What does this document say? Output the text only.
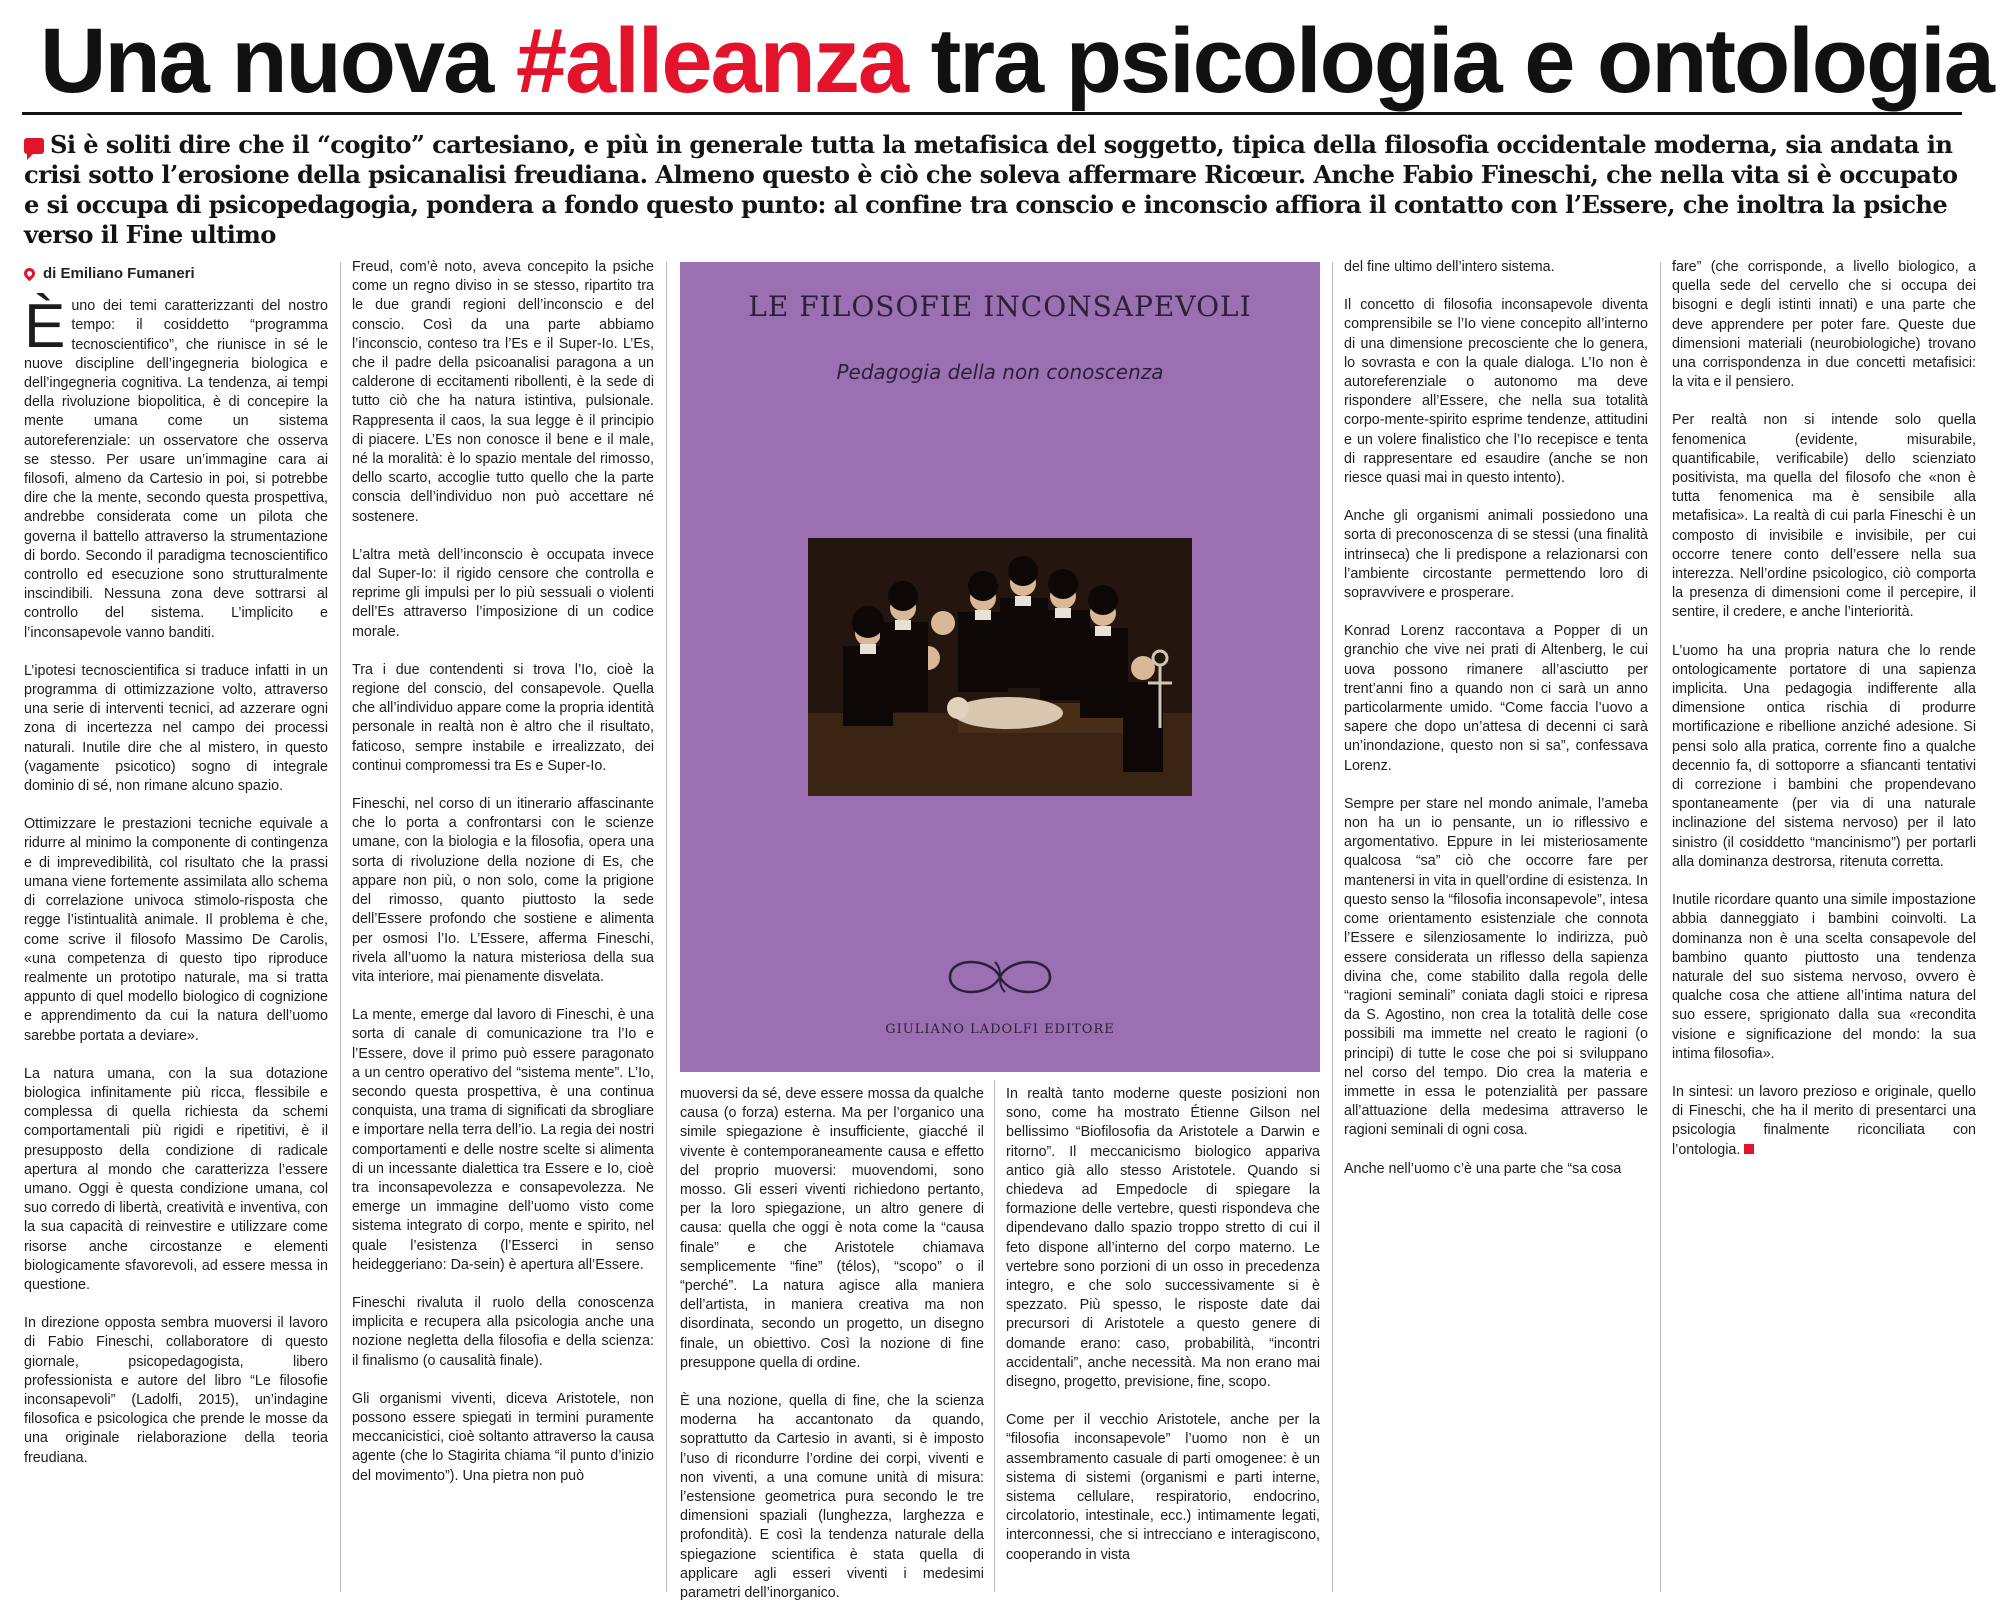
Una nuova #alleanza tra psicologia e ontologia
Si è soliti dire che il “cogito” cartesiano, e più in generale tutta la metafisica del soggetto, tipica della filosofia occidentale moderna, sia andata in crisi sotto l’erosione della psicanalisi freudiana. Almeno questo è ciò che soleva affermare Ricœur. Anche Fabio Fineschi, che nella vita si è occupato e si occupa di psicopedagogia, pondera a fondo questo punto: al confine tra conscio e inconscio affiora il contatto con l’Essere, che inoltra la psiche verso il Fine ultimo
di Emiliano Fumaneri

Èuno dei temi caratterizzanti del nostro tempo: il cosiddetto “programma tecnoscientifico”, che riunisce in sé le nuove discipline dell’ingegneria biologica e dell’ingegneria cognitiva. La tendenza, ai tempi della rivoluzione biopolitica, è di concepire la mente umana come un sistema autoreferenziale: un osservatore che osserva se stesso. Per usare un’immagine cara ai filosofi, almeno da Cartesio in poi, si potrebbe dire che la mente, secondo questa prospettiva, andrebbe considerata come un pilota che governa il battello attraverso la strumentazione di bordo. Secondo il paradigma tecnoscientifico controllo ed esecuzione sono strutturalmente inscindibili. Nessuna zona deve sottrarsi al controllo del sistema. L’implicito e l’inconsapevole vanno banditi.

L’ipotesi tecnoscientifica si traduce infatti in un programma di ottimizzazione volto, attraverso una serie di interventi tecnici, ad azzerare ogni zona di incertezza nel campo dei processi naturali. Inutile dire che al mistero, in questo (vagamente psicotico) sogno di integrale dominio di sé, non rimane alcuno spazio.

Ottimizzare le prestazioni tecniche equivale a ridurre al minimo la componente di contingenza e di imprevedibilità, col risultato che la prassi umana viene fortemente assimilata allo schema di correlazione univoca stimolo-risposta che regge l’istintualità animale. Il problema è che, come scrive il filosofo Massimo De Carolis, «una competenza di questo tipo riproduce realmente un prototipo naturale, ma si tratta appunto di quel modello biologico di cognizione e apprendimento da cui la natura dell’uomo sarebbe portata a deviare».

La natura umana, con la sua dotazione biologica infinitamente più ricca, flessibile e complessa di quella richiesta da schemi comportamentali più rigidi e ripetitivi, è il presupposto della condizione di radicale apertura al mondo che caratterizza l’essere umano. Oggi è questa condizione umana, col suo corredo di libertà, creatività e inventiva, con la sua capacità di reinvestire e utilizzare come risorse anche circostanze e elementi biologicamente sfavorevoli, ad essere messa in questione.

In direzione opposta sembra muoversi il lavoro di Fabio Fineschi, collaboratore di questo giornale, psicopedagogista, libero professionista e autore del libro “Le filosofie inconsapevoli” (Ladolfi, 2015), un’indagine filosofica e psicologica che prende le mosse da una originale rielaborazione della teoria freudiana.

Freud, com’è noto, aveva concepito la psiche come un regno diviso in se stesso, ripartito tra le due grandi regioni dell’inconscio e del conscio. Così da una parte abbiamo l’inconscio, conteso tra l’Es e il Super-Io. L’Es, che il padre della psicoanalisi paragona a un calderone di eccitamenti ribollenti, è la sede di tutto ciò che ha natura istintiva, pulsionale. Rappresenta il caos, la sua legge è il principio di piacere. L’Es non conosce il bene e il male, né la moralità: è lo spazio mentale del rimosso, dello scarto, accoglie tutto quello che la parte conscia dell’individuo non può accettare né sostenere.

L’altra metà dell’inconscio è occupata invece dal Super-Io: il rigido censore che controlla e reprime gli impulsi per lo più sessuali o violenti dell’Es attraverso l’imposizione di un codice morale.

Tra i due contendenti si trova l’Io, cioè la regione del conscio, del consapevole. Quella che all’individuo appare come la propria identità personale in realtà non è altro che il risultato, faticoso, sempre instabile e irrealizzato, dei continui compromessi tra Es e Super-Io.

Fineschi, nel corso di un itinerario affascinante che lo porta a confrontarsi con le scienze umane, con la biologia e la filosofia, opera una sorta di rivoluzione della nozione di Es, che appare non più, o non solo, come la prigione del rimosso, quanto piuttosto la sede dell’Essere profondo che sostiene e alimenta per osmosi l’Io. L’Essere, afferma Fineschi, rivela all’uomo la natura misteriosa della sua vita interiore, mai pienamente disvelata.

La mente, emerge dal lavoro di Fineschi, è una sorta di canale di comunicazione tra l’Io e l’Essere, dove il primo può essere paragonato a un centro operativo del “sistema mente”. L’Io, secondo questa prospettiva, è una continua conquista, una trama di significati da sbrogliare e importare nella terra dell’io. La regia dei nostri comportamenti e delle nostre scelte si alimenta di un incessante dialettica tra Essere e Io, cioè tra inconsapevolezza e consapevolezza. Ne emerge un immagine dell’uomo visto come sistema integrato di corpo, mente e spirito, nel quale l’esistenza (l’Esserci in senso heideggeriano: Da-sein) è apertura all’Essere.

Fineschi rivaluta il ruolo della conoscenza implicita e recupera alla psicologia anche una nozione negletta della filosofia e della scienza: il finalismo (o causalità finale).

Gli organismi viventi, diceva Aristotele, non possono essere spiegati in termini puramente meccanicistici, cioè soltanto attraverso la causa agente (che lo Stagirita chiama “il punto d’inizio del movimento”). Una pietra non può

LE FILOSOFIE INCONSAPEVOLI
Pedagogia della non conoscenza
GIULIANO LADOLFI EDITORE

muoversi da sé, deve essere mossa da qualche causa (o forza) esterna. Ma per l’organico una simile spiegazione è insufficiente, giacché il vivente è contemporaneamente causa e effetto del proprio muoversi: muovendomi, sono mosso. Gli esseri viventi richiedono pertanto, per la loro spiegazione, un altro genere di causa: quella che oggi è nota come la “causa finale” e che Aristotele chiamava semplicemente “fine” (télos), “scopo” o il “perché”. La natura agisce alla maniera dell’artista, in maniera creativa ma non disordinata, secondo un progetto, un disegno finale, un obiettivo. Così la nozione di fine presuppone quella di ordine.

È una nozione, quella di fine, che la scienza moderna ha accantonato da quando, soprattutto da Cartesio in avanti, si è imposto l’uso di ricondurre l’ordine dei corpi, viventi e non viventi, a una comune unità di misura: l’estensione geometrica pura secondo le tre dimensioni spaziali (lunghezza, larghezza e profondità). E così la tendenza naturale della spiegazione scientifica è stata quella di applicare agli esseri viventi i medesimi parametri dell’inorganico.

In realtà tanto moderne queste posizioni non sono, come ha mostrato Étienne Gilson nel bellissimo “Biofilosofia da Aristotele a Darwin e ritorno”. Il meccanicismo biologico appariva antico già allo stesso Aristotele. Quando si chiedeva ad Empedocle di spiegare la formazione delle vertebre, questi rispondeva che dipendevano dallo spazio troppo stretto di cui il feto dispone all’interno del corpo materno. Le vertebre sono porzioni di un osso in precedenza integro, e che solo successivamente si è spezzato. Più spesso, le risposte date dai precursori di Aristotele a questo genere di domande erano: caso, probabilità, “incontri accidentali”, anche necessità. Ma non erano mai disegno, progetto, previsione, fine, scopo.

Come per il vecchio Aristotele, anche per la “filosofia inconsapevole” l’uomo non è un assembramento casuale di parti omogenee: è un sistema di sistemi (organismi e parti interne, sistema cellulare, respiratorio, endocrino, circolatorio, intestinale, ecc.) intimamente legati, interconnessi, che si intrecciano e interagiscono, cooperando in vista

del fine ultimo dell’intero sistema.

Il concetto di filosofia inconsapevole diventa comprensibile se l’Io viene concepito all’interno di una dimensione precosciente che lo genera, lo sovrasta e con la quale dialoga. L’Io non è autoreferenziale o autonomo ma deve rispondere all’Essere, che nella sua totalità corpo-mente-spirito esprime tendenze, attitudini e un volere finalistico che l’Io recepisce e tenta di rappresentare ed esaudire (anche se non riesce quasi mai in questo intento).

Anche gli organismi animali possiedono una sorta di preconoscenza di se stessi (una finalità intrinseca) che li predispone a relazionarsi con l’ambiente circostante permettendo loro di sopravvivere e prosperare.

Konrad Lorenz raccontava a Popper di un granchio che vive nei prati di Altenberg, le cui uova possono rimanere all’asciutto per trent’anni fino a quando non ci sarà un anno particolarmente umido. “Come faccia l’uovo a sapere che dopo un’attesa di decenni ci sarà un’inondazione, questo non si sa”, confessava Lorenz.

Sempre per stare nel mondo animale, l’ameba non ha un io pensante, un io riflessivo e argomentativo. Eppure in lei misteriosamente qualcosa “sa” ciò che occorre fare per mantenersi in vita in quell’ordine di esistenza. In questo senso la “filosofia inconsapevole”, intesa come orientamento esistenziale che connota l’Essere e silenziosamente lo indirizza, può essere considerata un riflesso della sapienza divina che, come stabilito dalla regola delle “ragioni seminali” coniata dagli stoici e ripresa da S. Agostino, non crea la totalità delle cose possibili ma immette nel creato le ragioni (o principi) di tutte le cose che poi si sviluppano nel corso del tempo. Dio crea la materia e immette in essa le potenzialità per passare all’attuazione della medesima attraverso le ragioni seminali di ogni cosa.

Anche nell’uomo c’è una parte che “sa cosa

fare” (che corrisponde, a livello biologico, a quella sede del cervello che si occupa dei bisogni e degli istinti innati) e una parte che deve apprendere per poter fare. Queste due dimensioni materiali (neurobiologiche) trovano una corrispondenza in due concetti metafisici: la vita e il pensiero.

Per realtà non si intende solo quella fenomenica (evidente, misurabile, quantificabile, verificabile) dello scienziato positivista, ma quella del filosofo che «non è tutta fenomenica ma è sensibile alla metafisica». La realtà di cui parla Fineschi è un composto di invisibile e invisibile, per cui occorre tenere conto dell’essere nella sua interezza. Nell’ordine psicologico, ciò comporta la presenza di dimensioni come il percepire, il sentire, il credere, e anche l’interiorità.

L’uomo ha una propria natura che lo rende ontologicamente portatore di una sapienza implicita. Una pedagogia indifferente alla dimensione ontica rischia di produrre mortificazione e ribellione anziché adesione. Si pensi solo alla pratica, corrente fino a qualche decennio fa, di sottoporre a sfiancanti tentativi di correzione i bambini che propendevano spontaneamente (per via di una naturale inclinazione del sistema nervoso) per il lato sinistro (il cosiddetto “mancinismo”) per portarli alla dominanza destrorsa, ritenuta corretta.

Inutile ricordare quanto una simile impostazione abbia danneggiato i bambini coinvolti. La dominanza non è una scelta consapevole del bambino quanto piuttosto una tendenza naturale del suo sistema nervoso, ovvero è qualche cosa che attiene all’intima natura del suo essere, sprigionato dalla sua «recondita visione e significazione del mondo: la sua intima filosofia».

In sintesi: un lavoro prezioso e originale, quello di Fineschi, che ha il merito di presentarci una psicologia finalmente riconciliata con l’ontologia.
